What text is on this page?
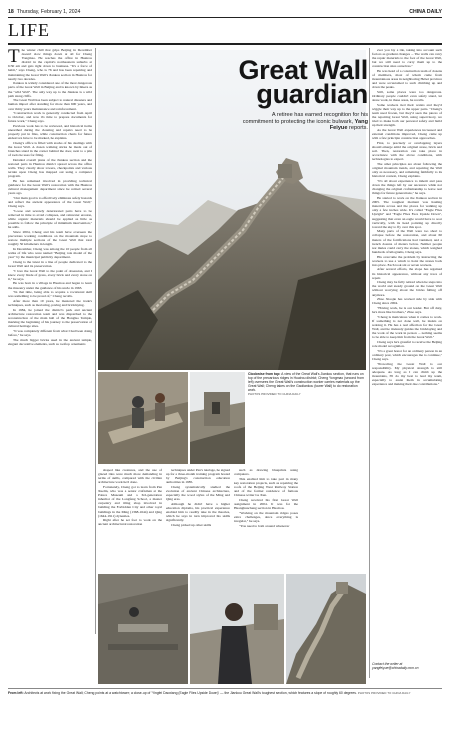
18 Thursday, February 1, 2024	CHINA DAILY
LIFE
T he winter chill that grips Beijing in December doesn't slow things down at all for Cheng Yongmao. He reaches the office in Huairou district in the capital's northeastern suburbs at 6:30 am and gets right down to business. "It's a force of habit," says Cheng, who is 76 and has been repairing and maintaining the Great Wall's Jiankou section in Huairou for nearly two decades.

Jiankou is widely considered one of the most dangerous parts of the Great Wall in Beijing and is known by hikers as the "wild Wall". The only way up to the Jiankou is a wild path along cliffs.

The Great Wall has been subject to natural disasters and human impact after standing for more than 600 years, and over thirty years maintenance and reinforcement.

"Construction work is generally conducted from April to October, and now it's time to prepare documents for future work," Cheng says.

Previous work has to be reviewed, and historical items unearthed during the cleaning and repairs need to be properly put in files, while construction charts for future endeavors have to be marked, he explains.

Cheng's office is filled with stacks of his dealings with the Great Wall. A dozen walking sticks he made out of branches stand in the corner behind the door, next to a pile of tools he uses for filing.

Detailed overall plans of the Jiankou section and the restored parts in Huairou district spread across the office walls. They clearly show towers, checkpoints and various terrain upon Cheng has mapped out using a computer program.

He has remained involved in providing technical guidance for the Great Wall's restoration with the Huairou cultural management department since he retired several years ago.

"Our main goal is to effectively eliminate safety hazards and reflect the ancient appearance of the Great Wall," Cheng says.

"Loose and severely deteriorated parts have to be removed in time to avoid collapses, and rainwater erosion, while organic materials should be applied as little as possible to follow the principle of minimum intervention," he adds.

Since 2004, Cheng and his team have overseen the precarious working conditions on the mountain slope to restore multiple sections of the Great Wall that total roughly 50 kilometers in length.

In December, Cheng was among the 10 people from all walks of life who were named "Beijing role model of the year" by the municipal publicity department.

Cheng is the latest in a line of people dedicated to the Great Wall and its preservation.

"I love the Great Wall to the point of obsession, and I know every blade of grass, every brick and every stone on it," he says.

He was born in a village in Huairou and began to learn the masonry under the guidance of his uncle in 1963.

"In that time, being able to acquire a vocational skill was something to be proud of," Cheng recalls.

After more than 10 years, he mastered the trade's techniques, such as mortaring, paving and bricklaying.

In 1984, he joined the district's park and ancient architecture restoration team and was dispatched to the reconstruction of the main hall of the Hongluo Temple, marking the beginning of his journey to the preservation of cultural heritage sites.

"It was completely different from what I had been doing before," he says.

The much bigger bricks used in the ancient temple, elegant decorative elements, such as rooftop ornaments

Great Wall guardian
A retiree has earned recognition for his commitment to protecting the iconic bulwark, Yang Feiyue reports.

ever you lay a tile, taking into account such factors as gradient changes ... The walls can carry the repair materials to the foot of the Great Wall, but we still need to carry them up to the construction sites ourselves."

He was head of a construction team of dozens of members, most of whom came from mountainous areas in neighboring Hebei province and were accustomed to such climbing up and down the peaks.

Still, some places were too dangerous. Ordinary people couldn't even safely stand, let alone work, in these areas, he recalls.

Some workers tied their waists and they'd wiggle their way up to the upper parts. "Cheng's team used frozen, but they'd seen the pieces of the repairing Great Wall, using supervisory, we tried to make both our personal safety and build up their strength.

As the Great Wall experiences increased and external conditions improved, Cheng came up with a few principle construction approaches.

First, to precisely or overlapping layers should emerge amid the original stone, brick and soil. Then, restoration can take place in accordance with the above conditions, with technologies to expect.

The other principles are about following the original mountain trends, and repairing the Wall only as necessary, and remaining faithfully to its historical context, Cheng explains.

"It's all about experience to inherit and pass down the things left by our ancestors while not changing the original craftsmanship to leave real things for future generations," he says.

He started to work on the Jiankou section in 2005. The toughest moment was hauling materials across and the places for walking up only a few inches wide. It's called "Eagle Flies Upright" and "Eagle Flies Face Upside Down", suggesting that even an eagle would have to soar vertically, with its head pointing up directly toward the sky to fly over this spot.

Many parts of the Wall were too short to collapse before the restoration, and about 60 meters of the fortifications had vanished, and a trench dozens of meters below. Neither people nor mules could carry the stones, which weighed hundreds of kilograms, Cheng says.

His overcame the problem by instructing the workers to use a winch to hoist the stones back into place. Each took six or seven workers.

After several efforts, the slope has regained its historical appearance, without any trace of repair.

Cheng may be fully retired when he steps into the world and steady ground on the Great Wall without worrying about the bricks falling off anymore.

Zhao Xiaojie has worked side by side with Cheng since 2004.

"Having work, he is our leader. But off duty, he's more like brothers," Zhao says.

"Cheng is meticulous when it comes to work. If something is not done well, he insists on redoing it. He has a real affection for the Great Wall, and he tirelessly guides the bricklaying and the work of the work in person ... nothing seems to be able to keep him from the Great Wall."

Cheng says he's grateful to receive the Beijing role model recognition.

"It's a great honor for an ordinary person in an ordinary post, which encourages me to continue," Cheng says.

"Protecting the Great Wall is our responsibility. My physical strength is still adequate. As long as I can climb up the mountains, I'll do my best to lead my team, especially to assist them in accumulating experience and making their due contributions."

Contact the writer at
yangfeiyue@chinadaily.com.cn
Clockwise from top: A view of the Great Wall's Jiankou section, that runs on top of the precarious ridges in Huairou district; Cheng Yongmao (second from left) oversees the Great Wall's construction worker carries materials up the Great Wall; Cheng takes on the Gaoliankou (tower Wall) to do restoration work.
PHOTOS PROVIDED TO CHINA DAILY

shaped like creatures, and the use of glazed tiles were much more demanding in terms of skills, compared with the civilian architecture work he'd done.

Fortunately, Cheng got to learn from Pan Xuelin, who was a senior craftsman at the Palace Museum and a 3rd-generation inheritor of the Longfeng School, a master carpentry and tiling shop involved in building the Forbidden City and other royal buildings in the Ming (1368-1644) and Qing (1644-1911) dynasties.

Right after he set foot to work on the ancient architectural restoration

techniques under Pan's tutelage, he signed up for a three-month training program hosted by Beijing's construction education authorities in 1985.

Cheng systematically studied the evolution of ancient Chinese architecture, especially the wood styles of the Ming and Qing eras.

Although he didn't have a higher education diploma, his practical experience enabled him to readily take in the theories, which he says in turn improved his skills significantly.

Cheng picked up other skills

such as drawing blueprints using computers.

This enabled him to take part in many key restoration projects, such as repairing the roofs of the Beijing West Railway Station and of the former residence of famous Chinese writer Lu Xun.

Cheng received his first Great Wall assignment in 2004. It was for the Huanghuacheng section in Huairou.

"Working on the mountain ridges poses extra challenges, since everything is irregular," he says.

"You need to both around whenever

From left: Architects at work fixing the Great Wall; Cheng points at a watchtower; a close-up of 'Yingfei Daoxiang (Eagle Flies Upside Down)' — the Jiankou Great Wall's toughest section, which features a slope of roughly 60 degrees. PHOTOS PROVIDED TO CHINA DAILY
